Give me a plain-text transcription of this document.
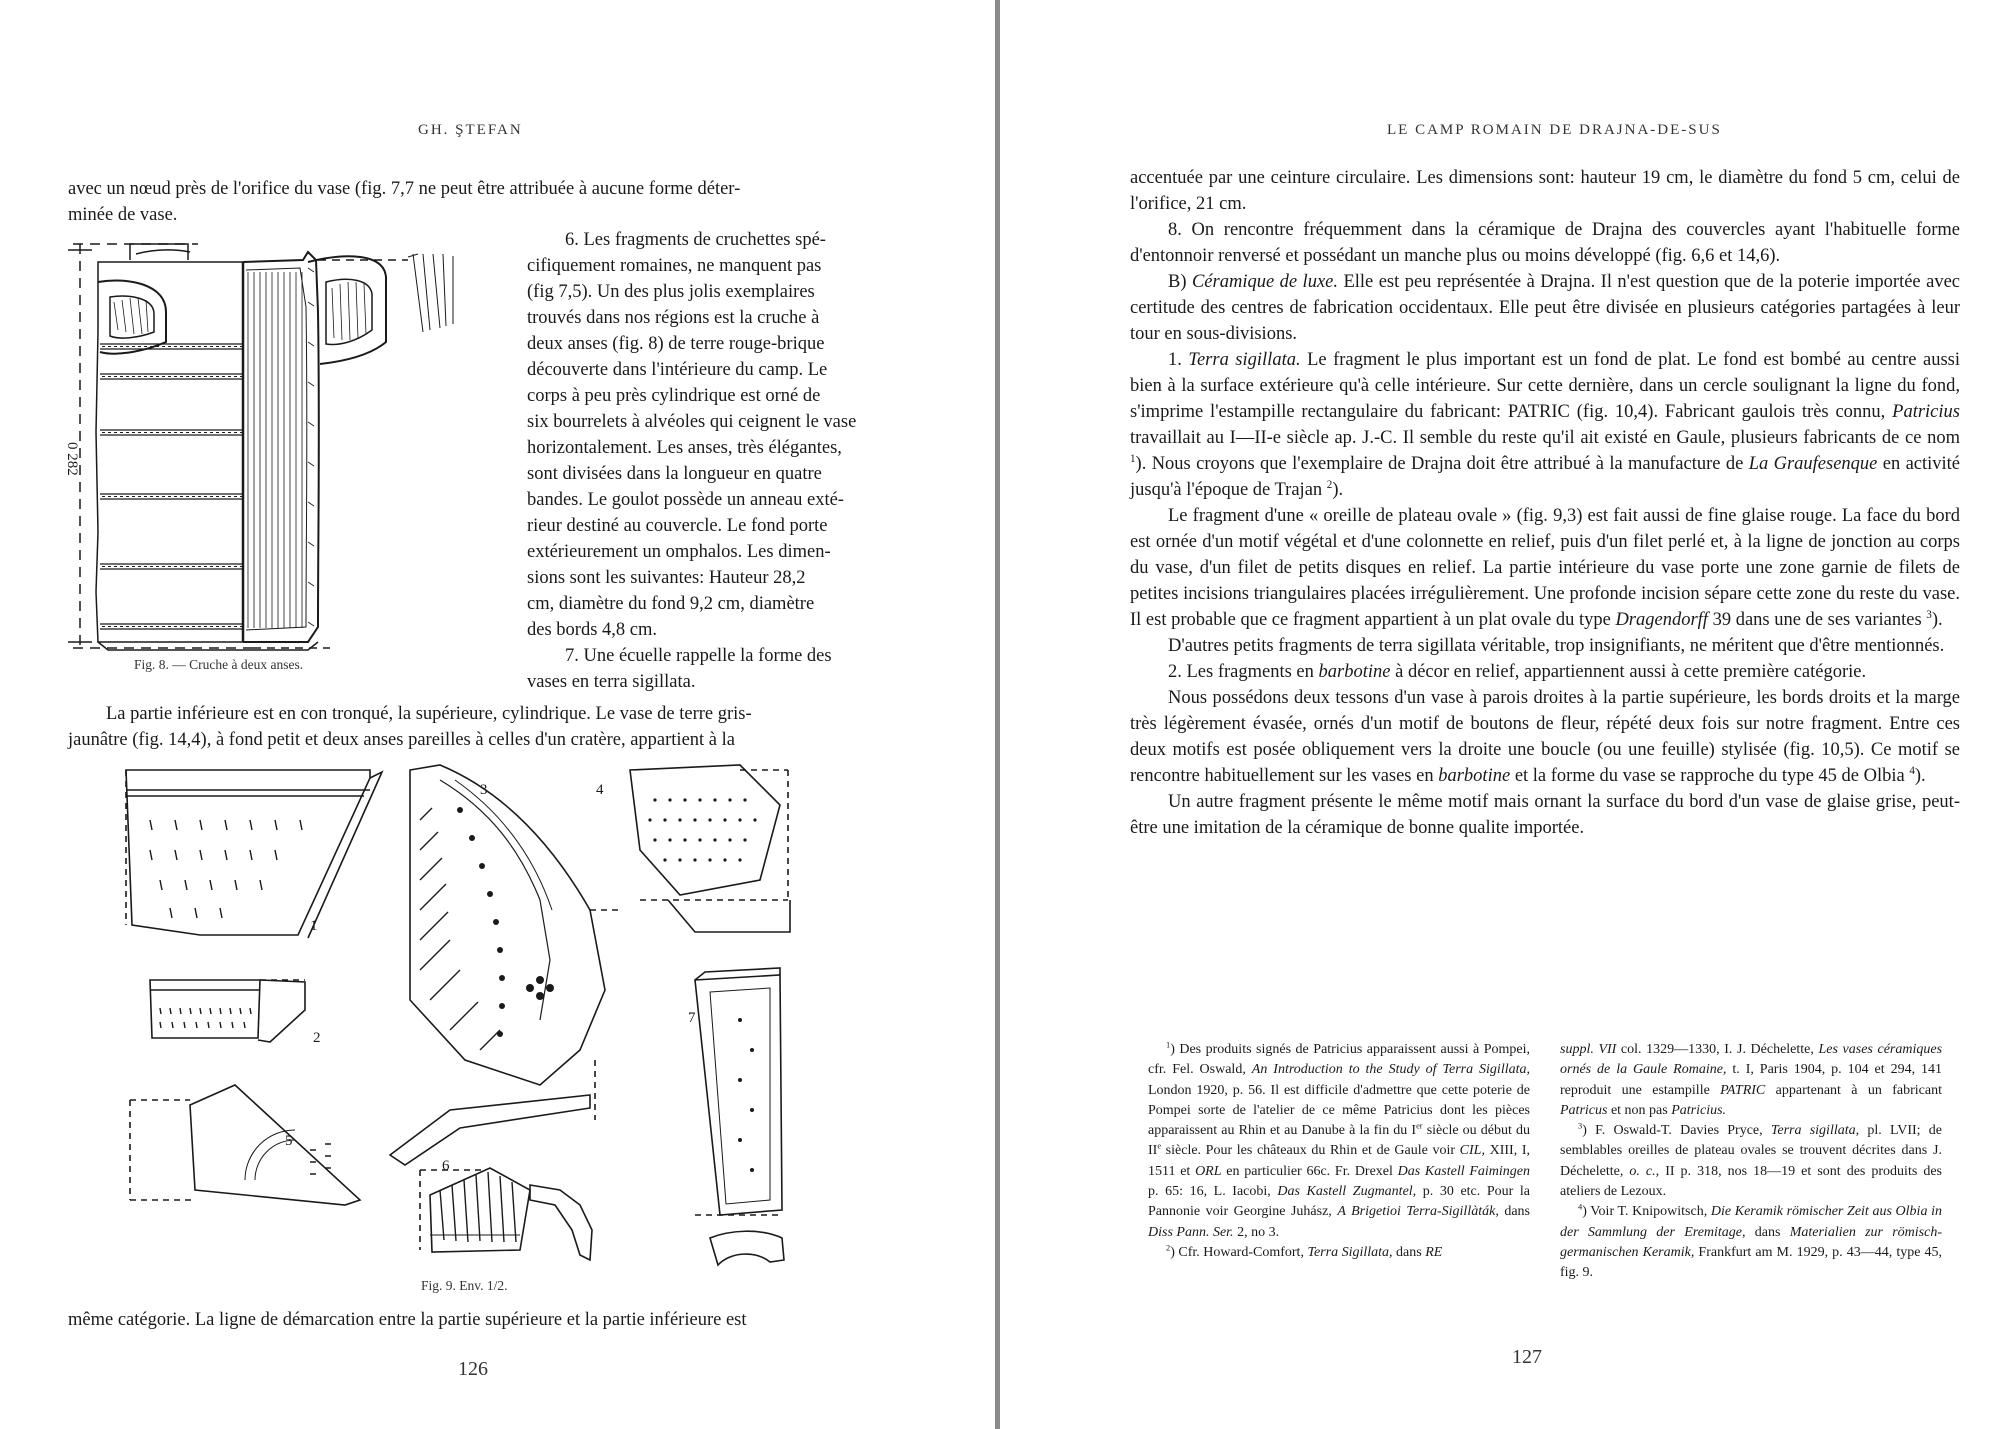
GH. ŞTEFAN
avec un nœud près de l'orifice du vase (fig. 7,7 ne peut être attribuée à aucune forme déter-
minée de vase.
0 282
Fig. 8. — Cruche à deux anses.
6. Les fragments de cruchettes spé-
cifiquement romaines, ne manquent pas
(fig 7,5). Un des plus jolis exemplaires
trouvés dans nos régions est la cruche à
deux anses (fig. 8) de terre rouge-brique
découverte dans l'intérieure du camp. Le
corps à peu près cylindrique est orné de
six bourrelets à alvéoles qui ceignent le vase
horizontalement. Les anses, très élégantes,
sont divisées dans la longueur en quatre
bandes. Le goulot possède un anneau exté-
rieur destiné au couvercle. Le fond porte
extérieurement un omphalos. Les dimen-
sions sont les suivantes: Hauteur 28,2
cm, diamètre du fond 9,2 cm, diamètre
des bords 4,8 cm.
7. Une écuelle rappelle la forme des
vases en terra sigillata.
La partie inférieure est en con tronqué, la supérieure, cylindrique. Le vase de terre gris-
jaunâtre (fig. 14,4), à fond petit et deux anses pareilles à celles d'un cratère, appartient à la
1
2
3	4
5
6
7
Fig. 9. Env. 1/2.
même catégorie. La ligne de démarcation entre la partie supérieure et la partie inférieure est
126
LE CAMP ROMAIN DE DRAJNA-DE-SUS

accentuée par une ceinture circulaire. Les dimensions sont: hauteur 19 cm, le diamètre du fond 5 cm, celui de l'orifice, 21 cm.

8. On rencontre fréquemment dans la céramique de Drajna des couvercles ayant l'habituelle forme d'entonnoir renversé et possédant un manche plus ou moins développé (fig. 6,6 et 14,6).

B) Céramique de luxe. Elle est peu représentée à Drajna. Il n'est question que de la poterie importée avec certitude des centres de fabrication occidentaux. Elle peut être divisée en plusieurs catégories partagées à leur tour en sous-divisions.

1. Terra sigillata. Le fragment le plus important est un fond de plat. Le fond est bombé au centre aussi bien à la surface extérieure qu'à celle intérieure. Sur cette dernière, dans un cercle soulignant la ligne du fond, s'imprime l'estampille rectangulaire du fabricant: PATRIC (fig. 10,4). Fabricant gaulois très connu, Patricius travaillait au I—II-e siècle ap. J.-C. Il semble du reste qu'il ait existé en Gaule, plusieurs fabricants de ce nom $^1$). Nous croyons que l'exemplaire de Drajna doit être attribué à la manufacture de La Graufesenque en activité jusqu'à l'époque de Trajan $^2$).

Le fragment d'une « oreille de plateau ovale » (fig. 9,3) est fait aussi de fine glaise rouge. La face du bord est ornée d'un motif végétal et d'une colonnette en relief, puis d'un filet perlé et, à la ligne de jonction au corps du vase, d'un filet de petits disques en relief. La partie intérieure du vase porte une zone garnie de filets de petites incisions triangulaires placées irrégulièrement. Une profonde incision sépare cette zone du reste du vase. Il est probable que ce fragment appartient à un plat ovale du type Dragendorff 39 dans une de ses variantes $^3$).

D'autres petits fragments de terra sigillata véritable, trop insignifiants, ne méritent que d'être mentionnés.

2. Les fragments en barbotine à décor en relief, appartiennent aussi à cette première catégorie.

Nous possédons deux tessons d'un vase à parois droites à la partie supérieure, les bords droits et la marge très légèrement évasée, ornés d'un motif de boutons de fleur, répété deux fois sur notre fragment. Entre ces deux motifs est posée obliquement vers la droite une boucle (ou une feuille) stylisée (fig. 10,5). Ce motif se rencontre habituellement sur les vases en barbotine et la forme du vase se rapproche du type 45 de Olbia $^4$).

Un autre fragment présente le même motif mais ornant la surface du bord d'un vase de glaise grise, peut-être une imitation de la céramique de bonne qualite importée.

$^1$) Des produits signés de Patricius apparaissent aussi à Pompei, cfr. Fel. Oswald, An Introduction to the Study of Terra Sigillata, London 1920, p. 56. Il est difficile d'admettre que cette poterie de Pompei sorte de l'atelier de ce même Patricius dont les pièces apparaissent au Rhin et au Danube à la fin du Ier siècle ou début du IIe siècle. Pour les châteaux du Rhin et de Gaule voir CIL, XIII, I, 1511 et ORL en particulier 66c. Fr. Drexel Das Kastell Faimingen p. 65: 16, L. Iacobi, Das Kastell Zugmantel, p. 30 etc. Pour la Pannonie voir Georgine Juhász, A Brigetioi Terra-Sigillàták, dans Diss Pann. Ser. 2, no 3.

$^2$) Cfr. Howard-Comfort, Terra Sigillata, dans RE

suppl. VII col. 1329—1330, I. J. Déchelette, Les vases céramiques ornés de la Gaule Romaine, t. I, Paris 1904, p. 104 et 294, 141 reproduit une estampille PATRIC appartenant à un fabricant Patricus et non pas Patricius.

$^3$) F. Oswald-T. Davies Pryce, Terra sigillata, pl. LVII; de semblables oreilles de plateau ovales se trouvent décrites dans J. Déchelette, o. c., II p. 318, nos 18—19 et sont des produits des ateliers de Lezoux.

$^4$) Voir T. Knipowitsch, Die Keramik römischer Zeit aus Olbia in der Sammlung der Eremitage, dans Materialien zur römisch-germanischen Keramik, Frankfurt am M. 1929, p. 43—44, type 45, fig. 9.

127
